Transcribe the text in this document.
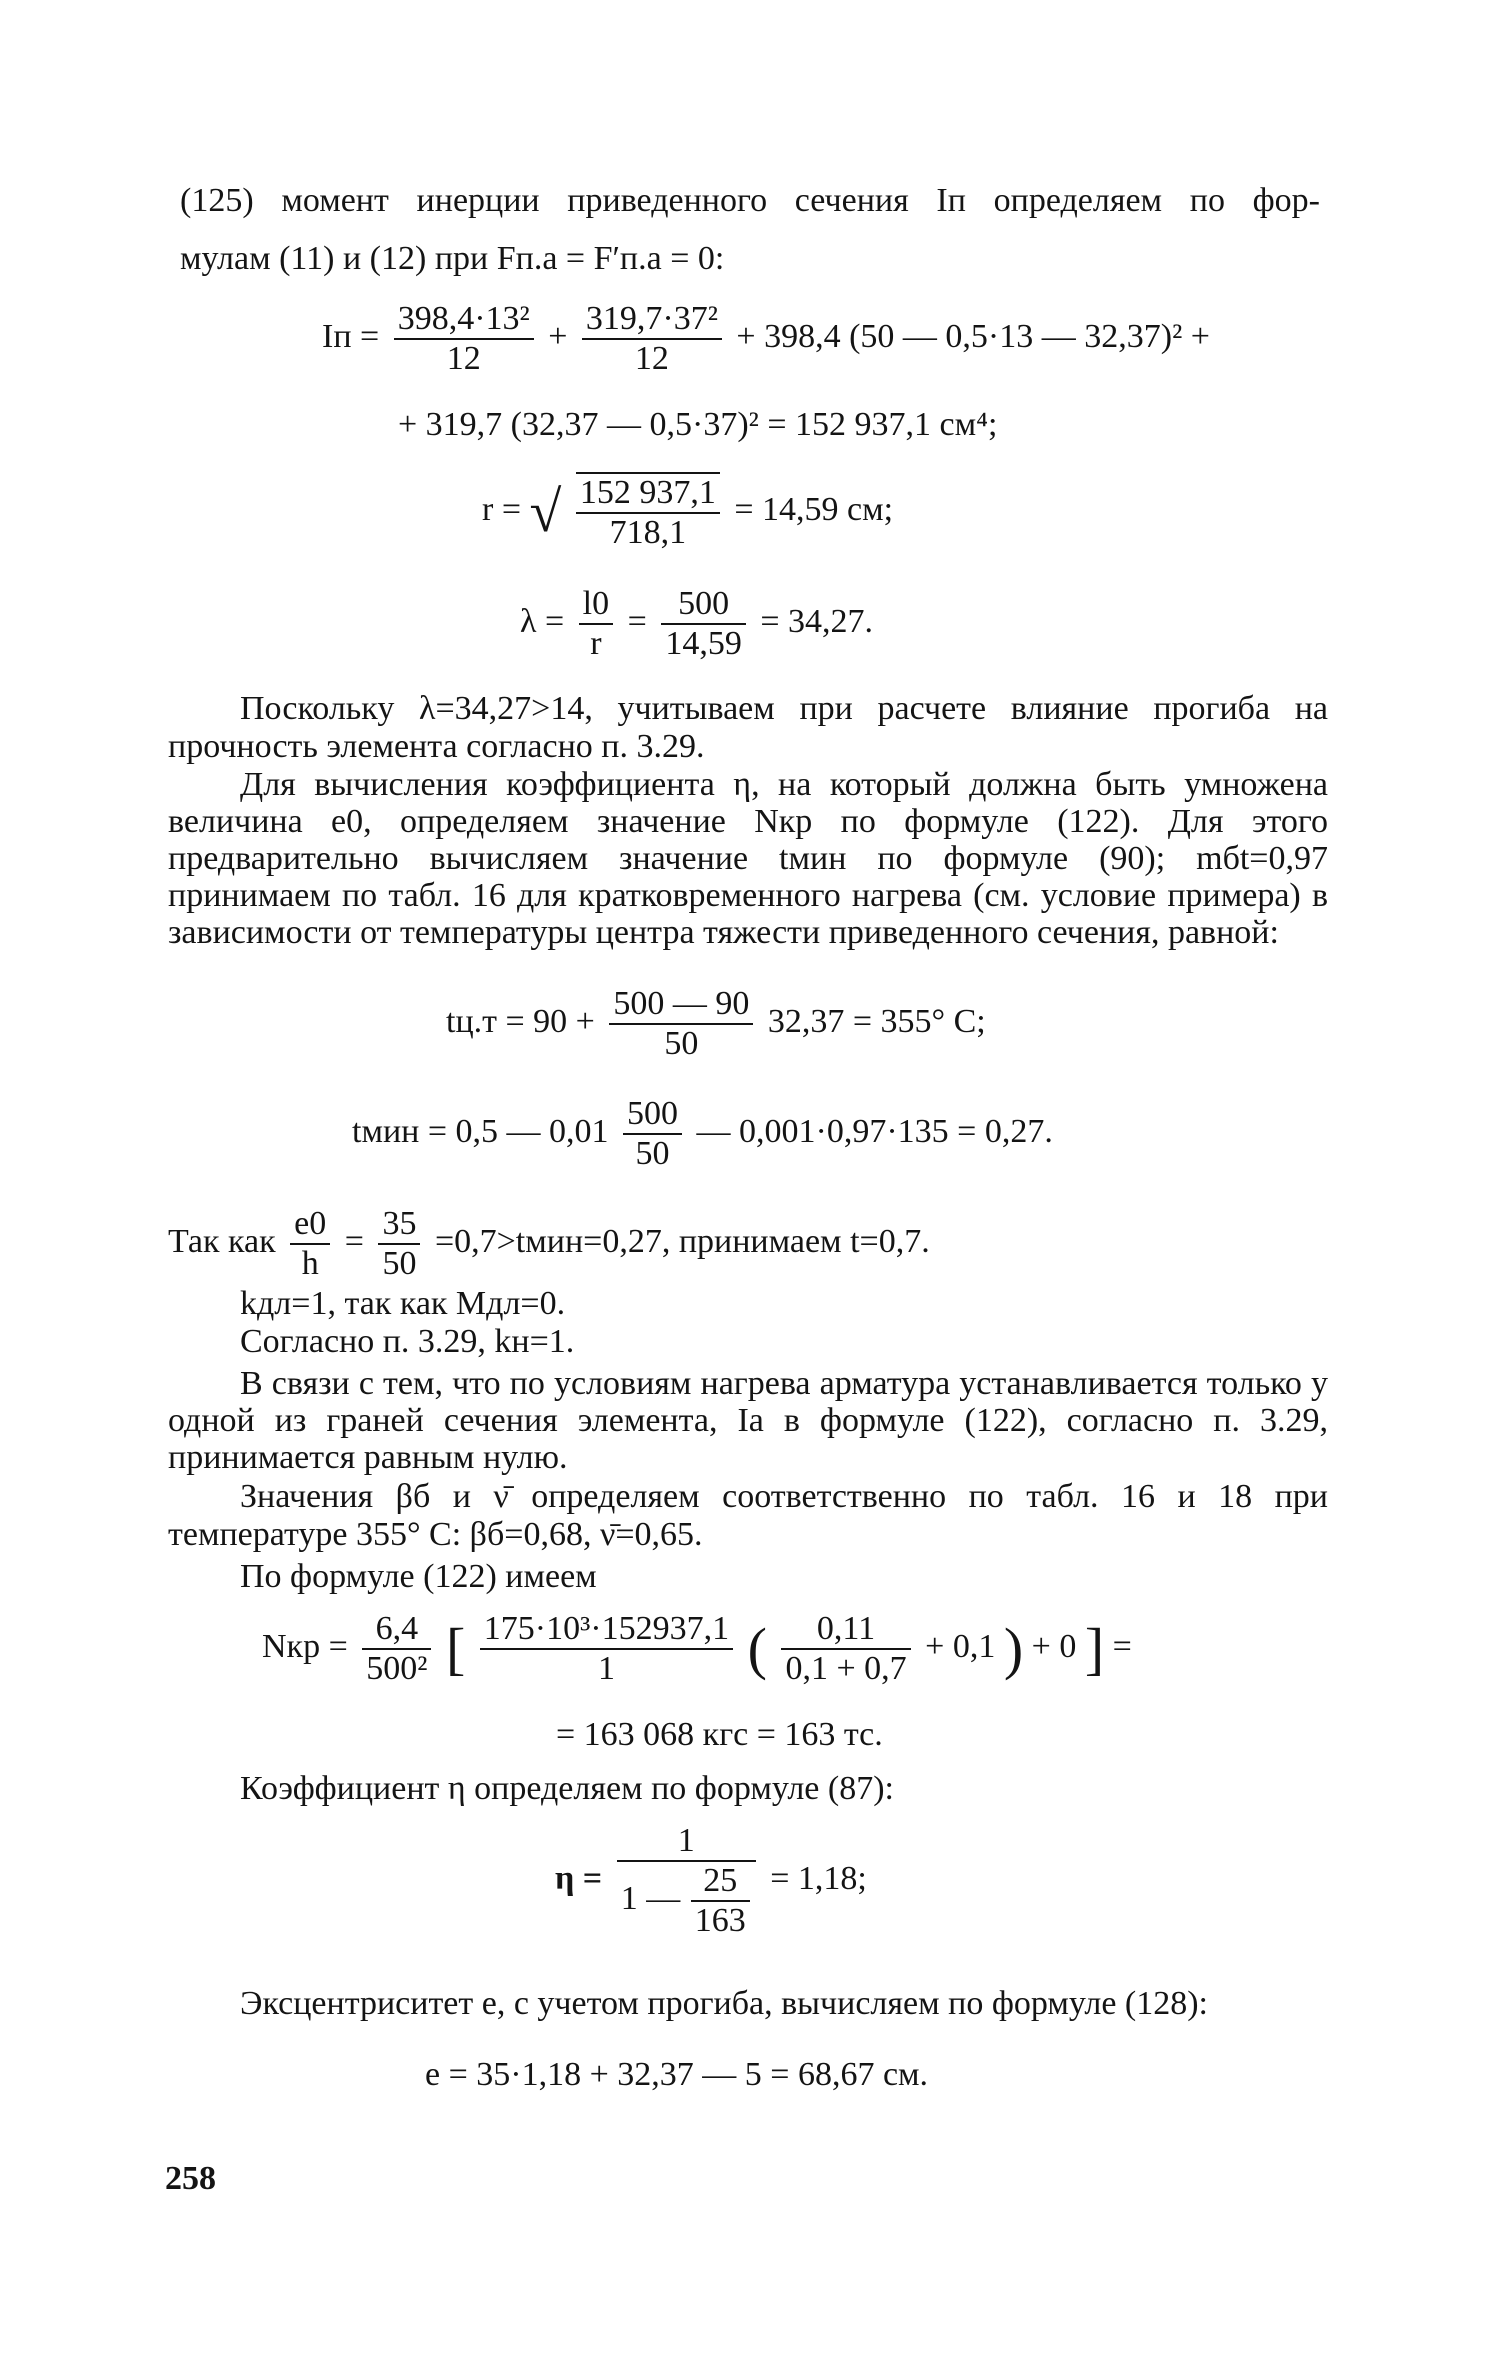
(125) момент инерции приведенного сечения Iп определяем по фор-
мулам (11) и (12) при Fп.а = F′п.а = 0:
Iп = $\frac{\text{398,4·13²}}{12} + \frac{\text{319,7·37²}}{12} + 398,4$ (50 — 0,5·13 — 32,37)² +
+ 319,7 (32,37 — 0,5·37)² = 152 937,1 см⁴;
r = √ $\frac{152 937,1}{718,1} = 14,59$ см;
$\lambda = \frac{l0}{r} = \frac{500}{14,59} = 34,27$.
Поскольку λ=34,27>14, учитываем при расчете влияние прогиба на прочность элемента согласно п. 3.29.
Для вычисления коэффициента η, на который должна быть умножена величина e0, определяем значение Nкр по формуле (122). Для этого предварительно вычисляем значение tмин по формуле (90); mбt=0,97 принимаем по табл. 16 для кратковременного нагрева (см. условие примера) в зависимости от температуры центра тяжести приведенного сечения, равной:
$tц.т = 90 + \frac{500 — 90}{50} 32,37 = 355^\circ$ C;
tмин = 0,5 — $0,01 \frac{500}{50}$ — 0,001·0,97·135 = 0,27.
Так как $\frac{e0}{h} = \frac{35}{50}$ =0,7>tмин=0,27, принимаем t=0,7.
kдл=1, так как Mдл=0.
Согласно п. 3.29, kн=1.
В связи с тем, что по условиям нагрева арматура устанавливается только у одной из граней сечения элемента, Ia в формуле (122), согласно п. 3.29, принимается равным нулю.
Значения βб и ν̄ определяем соответственно по табл. 16 и 18 при температуре 355° C: βб=0,68, ν̄=0,65.
По формуле (122) имеем
Nкр = $\frac{6,4}{\text{500²}}$ [ $\frac{\text{175·10³·152937,1}}{1}$ ( $\frac{0,11}{0,1 + 0,7} + 0,1$ ) + 0 ] =
= 163 068 кгс = 163 тс.
Коэффициент η определяем по формуле (87):
$\eta = \frac{1}{1 — \frac{25}{163}} = 1,18$;
Эксцентриситет e, с учетом прогиба, вычисляем по формуле (128):
e = 35·1,18 + 32,37 — 5 = 68,67 см.
258
